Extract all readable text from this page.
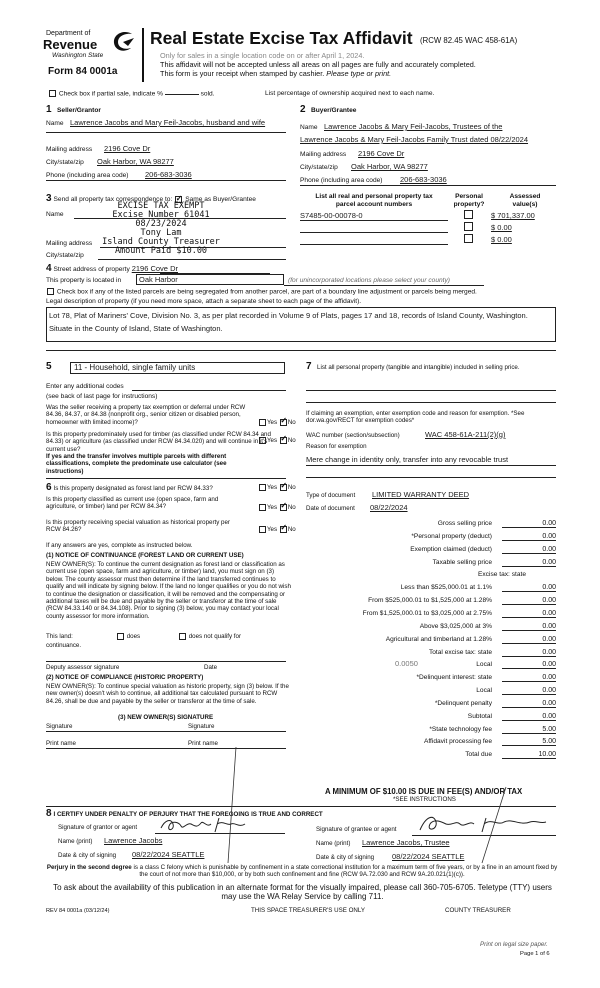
Department of
Revenue
Washington State
Form 84 0001a
Real Estate Excise Tax Affidavit (RCW 82.45 WAC 458-61A)
Only for sales in a single location code on or after April 1, 2024.
This affidavit will not be accepted unless all areas on all pages are fully and accurately completed.
This form is your receipt when stamped by cashier. Please type or print.
Check box if partial sale, indicate %	sold.	List percentage of ownership acquired next to each name.
1 Seller/Grantor
Name Lawrence Jacobs and Mary Feil-Jacobs, husband and wife
Mailing address 2196 Cove Dr
City/state/zip Oak Harbor, WA 98277
Phone (including area code) 206-683-3036
2 Buyer/Grantee
Name Lawrence Jacobs & Mary Feil-Jacobs, Trustees of the
Lawrence Jacobs & Mary Feil-Jacobs Family Trust dated 08/22/2024
Mailing address 2196 Cove Dr
City/state/zip Oak Harbor, WA 98277
Phone (including area code) 206-683-3036
3 Send all property tax correspondence to: ✓ Same as Buyer/Grantee
Name
Mailing address
City/state/zip
EXCISE TAX EXEMPT
Excise Number 61041
08/23/2024
Tony Lam
Island County Treasurer
Amount Paid $10.00
List all real and personal property tax
parcel account numbers
Personal
property?
Assessed
value(s)
S7485-00-00078-0	$ 701,337.00
$ 0.00
$ 0.00
4 Street address of property 2196 Cove Dr
This property is located in	Oak Harbor	(for unincorporated locations please select your county)
Check box if any of the listed parcels are being segregated from another parcel, are part of a boundary line adjustment or parcels being merged.
Legal description of property (if you need more space, attach a separate sheet to each page of the affidavit).
Lot 78, Plat of Mariners' Cove, Division No. 3, as per plat recorded in Volume 9 of Plats, pages 17 and 18, records of Island County, Washington.
Situate in the County of Island, State of Washington.
5	11 - Household, single family units
Enter any additional codes
(see back of last page for instructions)
Was the seller receiving a property tax exemption or deferral under RCW 84.36, 84.37, or 84.38 (nonprofit org., senior citizen or disabled person, homeowner with limited income)?	Yes ✓ No
Is this property predominately used for timber (as classified under RCW 84.34 and 84.33) or agriculture (as classified under RCW 84.34.020) and will continue in it's current use?
If yes and the transfer involves multiple parcels with different classifications, complete the predominate use calculator (see instructions)
Yes ✓ No
6 Is this property designated as forest land per RCW 84.33?	Yes ✓ No
Is this property classified as current use (open space, farm and agriculture, or timber) land per RCW 84.34?	Yes ✓ No
Is this property receiving special valuation as historical property per RCW 84.26?	Yes ✓ No
If any answers are yes, complete as instructed below.
(1) NOTICE OF CONTINUANCE (FOREST LAND OR CURRENT USE)
NEW OWNER(S): To continue the current designation as forest land or classification as current use (open space, farm and agriculture, or timber) land, you must sign on (3) below. The county assessor must then determine if the land transferred continues to qualify and will indicate by signing below. If the land no longer qualifies or you do not wish to continue the designation or classification, it will be removed and the compensating or additional taxes will be due and payable by the seller or transferor at the time of sale (RCW 84.33.140 or 84.34.108). Prior to signing (3) below, you may contact your local county assessor for more information.
This land:	does	does not qualify for
continuance.
Deputy assessor signature	Date
(2) NOTICE OF COMPLIANCE (HISTORIC PROPERTY)
NEW OWNER(S): To continue special valuation as historic property, sign (3) below. If the new owner(s) doesn't wish to continue, all additional tax calculated pursuant to RCW 84.26, shall be due and payable by the seller or transferor at the time of sale.
(3) NEW OWNER(S) SIGNATURE
Signature	Signature
Print name	Print name
7 List all personal property (tangible and intangible) included in selling price.
If claiming an exemption, enter exemption code and reason for exemption. *See dor.wa.gov/RECT for exemption codes*
WAC number (section/subsection)	WAC 458-61A-211(2)(g)
Reason for exemption
Mere change in identity only, transfer into any revocable trust
Type of document LIMITED WARRANTY DEED
Date of document 08/22/2024
Gross selling price	0.00
*Personal property (deduct)	0.00
Exemption claimed (deduct)	0.00
Taxable selling price	0.00
Excise tax: state
Less than $525,000.01 at 1.1%	0.00
From $525,000.01 to $1,525,000 at 1.28%	0.00
From $1,525,000.01 to $3,025,000 at 2.75%	0.00
Above $3,025,000 at 3%	0.00
Agricultural and timberland at 1.28%	0.00
Total excise tax: state	0.00
Local	0.00
*Delinquent interest: state	0.00
Local	0.00
*Delinquent penalty	0.00
Subtotal	0.00
*State technology fee	5.00
Affidavit processing fee	5.00
Total due	10.00
0.0050
A MINIMUM OF $10.00 IS DUE IN FEE(S) AND/OR TAX
*SEE INSTRUCTIONS
8 I CERTIFY UNDER PENALTY OF PERJURY THAT THE FOREGOING IS TRUE AND CORRECT
Signature of grantor or agent
Name (print) Lawrence Jacobs
Date & city of signing 08/22/2024 SEATTLE
Signature of grantee or agent
Name (print) Lawrence Jacobs, Trustee
Date & city of signing 08/22/2024 SEATTLE
Perjury in the second degree is a class C felony which is punishable by confinement in a state correctional institution for a maximum term of five years, or by a fine in an amount fixed by the court of not more than $10,000, or by both such confinement and fine (RCW 9A.72.030 and RCW 9A.20.021(1)(c)).
To ask about the availability of this publication in an alternate format for the visually impaired, please call 360-705-6705. Teletype (TTY) users may use the WA Relay Service by calling 711.
REV 84 0001a (03/12/24)	THIS SPACE TREASURER'S USE ONLY	COUNTY TREASURER
Print on legal size paper.
Page 1 of 6
